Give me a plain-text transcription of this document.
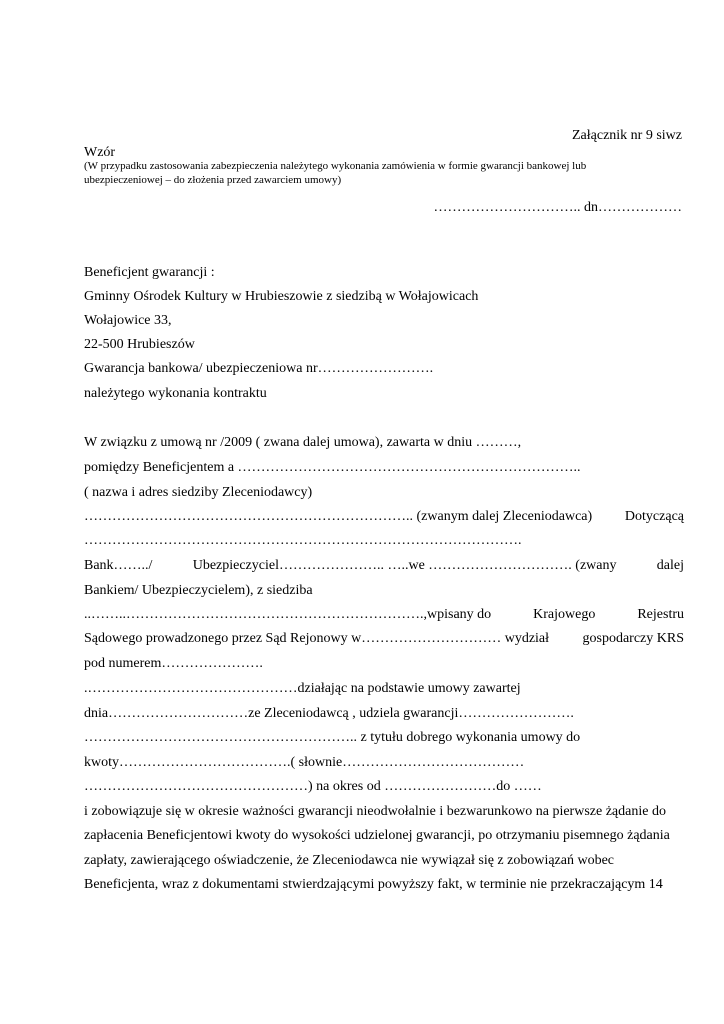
Załącznik nr 9 siwz
Wzór
(W przypadku zastosowania zabezpieczenia należytego wykonania zamówienia w formie gwarancji bankowej lub
ubezpieczeniowej – do złożenia przed zawarciem umowy)
………………………….. dn………………
Beneficjent gwarancji :
Gminny Ośrodek Kultury w Hrubieszowie z siedzibą w Wołajowicach
Wołajowice 33,
22-500 Hrubieszów
Gwarancja bankowa/ ubezpieczeniowa nr…………………….
należytego wykonania kontraktu
W związku z umową nr /2009 ( zwana dalej umowa), zawarta w dniu ………,
pomiędzy Beneficjentem a ………………………………………………………………..
( nazwa i adres siedziby Zleceniodawcy)
…………………………………………………………….. (zwanym dalej Zleceniodawca) Dotyczącą
………………………………………………………………………………….
Bank……../	Ubezpieczyciel………………….. …..we …………………………. (zwany	dalej
Bankiem/ Ubezpieczycielem), z siedziba
..……..……………………………………………………….,wpisany do	Krajowego	Rejestru
Sądowego prowadzonego przez Sąd Rejonowy w………………………… wydział gospodarczy KRS
pod numerem………………….
.………………………………………działając na podstawie umowy zawartej
dnia…………………………ze Zleceniodawcą , udziela gwarancji…………………….
………………………………………………….. z tytułu dobrego wykonania umowy do
kwoty……………………………….( słownie…………………………………
…………………………………………) na okres od ……………………do ……
i zobowiązuje się w okresie ważności gwarancji nieodwołalnie i bezwarunkowo na pierwsze żądanie do
zapłacenia Beneficjentowi kwoty do wysokości udzielonej gwarancji, po otrzymaniu pisemnego żądania
zapłaty, zawierającego oświadczenie, że Zleceniodawca nie wywiązał się z zobowiązań wobec
Beneficjenta, wraz z dokumentami stwierdzającymi powyższy fakt, w terminie nie przekraczającym 14
